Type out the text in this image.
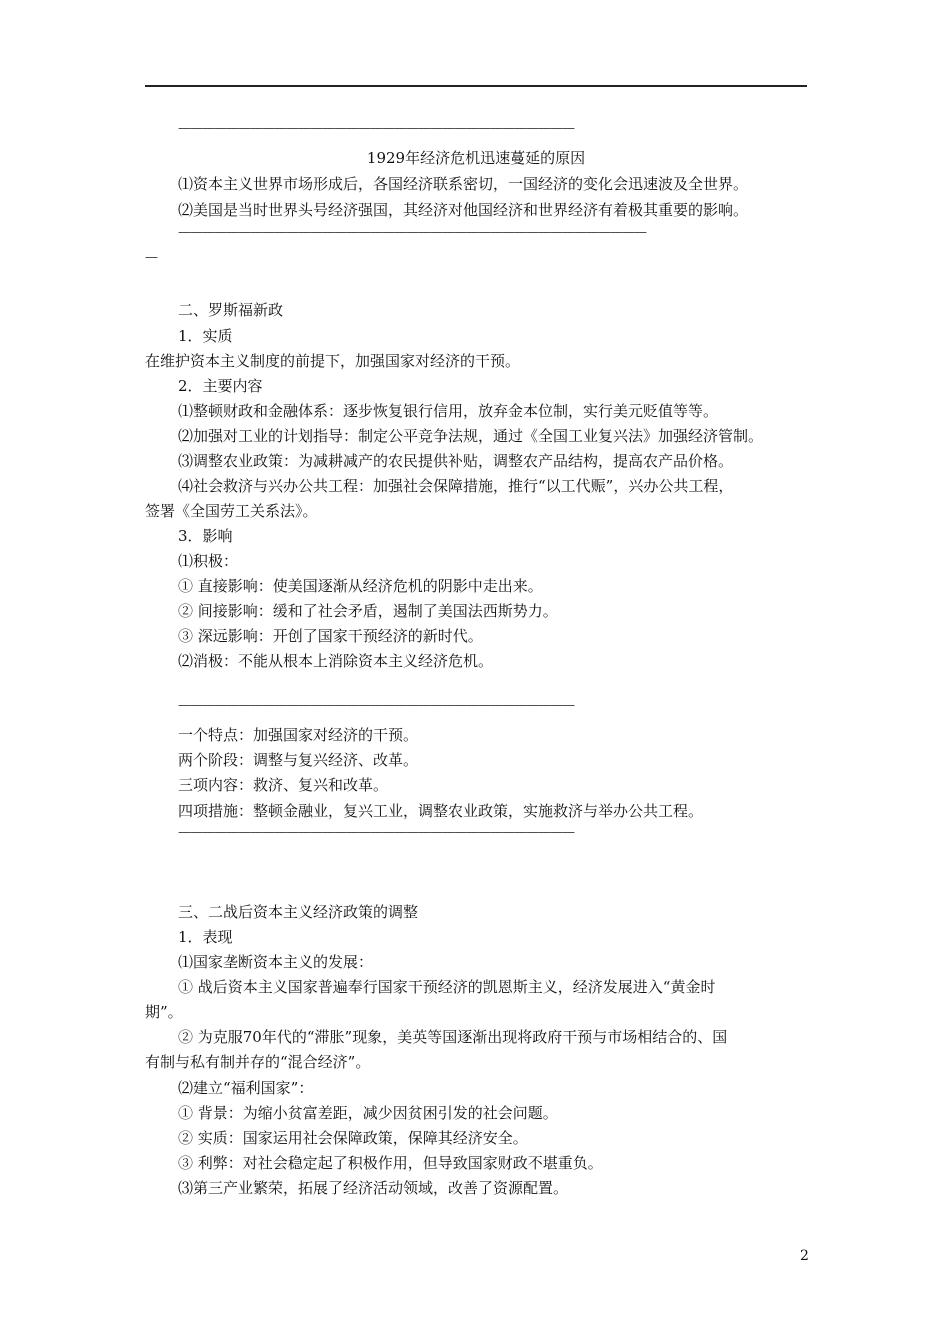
—————————————————————————————————
1929年经济危机迅速蔓延的原因
⑴资本主义世界市场形成后，各国经济联系密切，一国经济的变化会迅速波及全世界。
⑵美国是当时世界头号经济强国，其经济对他国经济和世界经济有着极其重要的影响。
———————————————————————————————————————
—
二、罗斯福新政
1．实质
在维护资本主义制度的前提下，加强国家对经济的干预。
2．主要内容
⑴整顿财政和金融体系：逐步恢复银行信用，放弃金本位制，实行美元贬值等等。
⑵加强对工业的计划指导：制定公平竞争法规，通过《全国工业复兴法》加强经济管制。
⑶调整农业政策：为减耕减产的农民提供补贴，调整农产品结构，提高农产品价格。
⑷社会救济与兴办公共工程：加强社会保障措施，推行“以工代赈”，兴办公共工程，
签署《全国劳工关系法》。
3．影响
⑴积极：
① 直接影响：使美国逐渐从经济危机的阴影中走出来。
② 间接影响：缓和了社会矛盾，遏制了美国法西斯势力。
③ 深远影响：开创了国家干预经济的新时代。
⑵消极：不能从根本上消除资本主义经济危机。
—————————————————————————————————
一个特点：加强国家对经济的干预。
两个阶段：调整与复兴经济、改革。
三项内容：救济、复兴和改革。
四项措施：整顿金融业，复兴工业，调整农业政策，实施救济与举办公共工程。
—————————————————————————————————
三、二战后资本主义经济政策的调整
1．表现
⑴国家垄断资本主义的发展：
① 战后资本主义国家普遍奉行国家干预经济的凯恩斯主义，经济发展进入“黄金时
期”。
② 为克服70年代的“滞胀”现象，美英等国逐渐出现将政府干预与市场相结合的、国
有制与私有制并存的“混合经济”。
⑵建立“福利国家”：
① 背景：为缩小贫富差距，减少因贫困引发的社会问题。
② 实质：国家运用社会保障政策，保障其经济安全。
③ 利弊：对社会稳定起了积极作用，但导致国家财政不堪重负。
⑶第三产业繁荣，拓展了经济活动领域，改善了资源配置。
2
